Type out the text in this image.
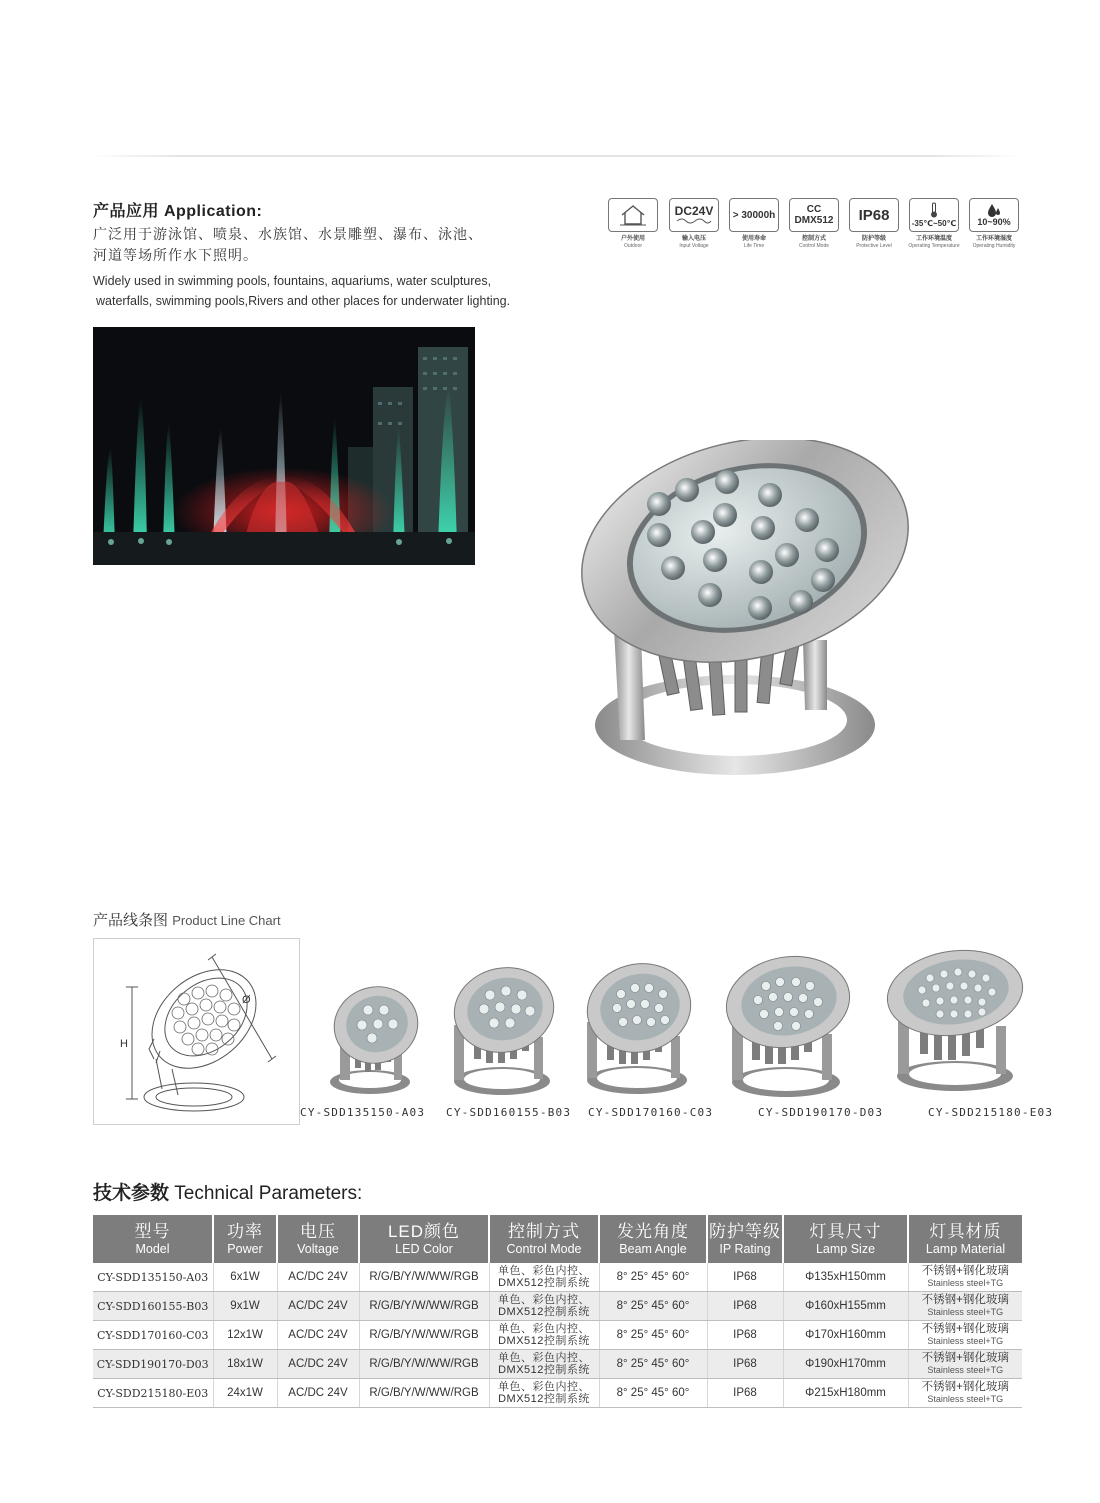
产品应用 Application:
广泛用于游泳馆、喷泉、水族馆、水景雕塑、瀑布、泳池、
河道等场所作水下照明。
Widely used in swimming pools, fountains, aquariums, water sculptures,
waterfalls, swimming pools,Rivers and other places for underwater lighting.
户外使用
Outdoor
DC24V
输入电压
Input Voltage
> 30000h
使用寿命
Life Time
CC
DMX512
控制方式
Control Mode
IP68
防护等级
Protective Level
-35℃~50℃
工作环境温度
Operating Temperature
10~90%
工作环境湿度
Operating Humidity
产品线条图 Product Line Chart
H
Ø
CY-SDD135150-A03 CY-SDD160155-B03 CY-SDD170160-C03	CY-SDD190170-D03	CY-SDD215180-E03
技术参数 Technical Parameters:
型号
Model	功率
Power	电压
Voltage	LED颜色
LED Color	控制方式
Control Mode	发光角度
Beam Angle	防护等级
IP Rating	灯具尺寸
Lamp Size	灯具材质
Lamp Material

CY-SDD135150-A03	6x1W	AC/DC 24V	R/G/B/Y/W/WW/RGB	单色、彩色内控、
DMX512控制系统	8° 25° 45° 60°	IP68	Φ135xH150mm	不锈钢+钢化玻璃
Stainless steel+TG

CY-SDD160155-B03	9x1W	AC/DC 24V	R/G/B/Y/W/WW/RGB	单色、彩色内控、
DMX512控制系统	8° 25° 45° 60°	IP68	Φ160xH155mm	不锈钢+钢化玻璃
Stainless steel+TG

CY-SDD170160-C03	12x1W	AC/DC 24V	R/G/B/Y/W/WW/RGB	单色、彩色内控、
DMX512控制系统	8° 25° 45° 60°	IP68	Φ170xH160mm	不锈钢+钢化玻璃
Stainless steel+TG

CY-SDD190170-D03	18x1W	AC/DC 24V	R/G/B/Y/W/WW/RGB	单色、彩色内控、
DMX512控制系统	8° 25° 45° 60°	IP68	Φ190xH170mm	不锈钢+钢化玻璃
Stainless steel+TG

CY-SDD215180-E03	24x1W	AC/DC 24V	R/G/B/Y/W/WW/RGB	单色、彩色内控、
DMX512控制系统	8° 25° 45° 60°	IP68	Φ215xH180mm	不锈钢+钢化玻璃
Stainless steel+TG
